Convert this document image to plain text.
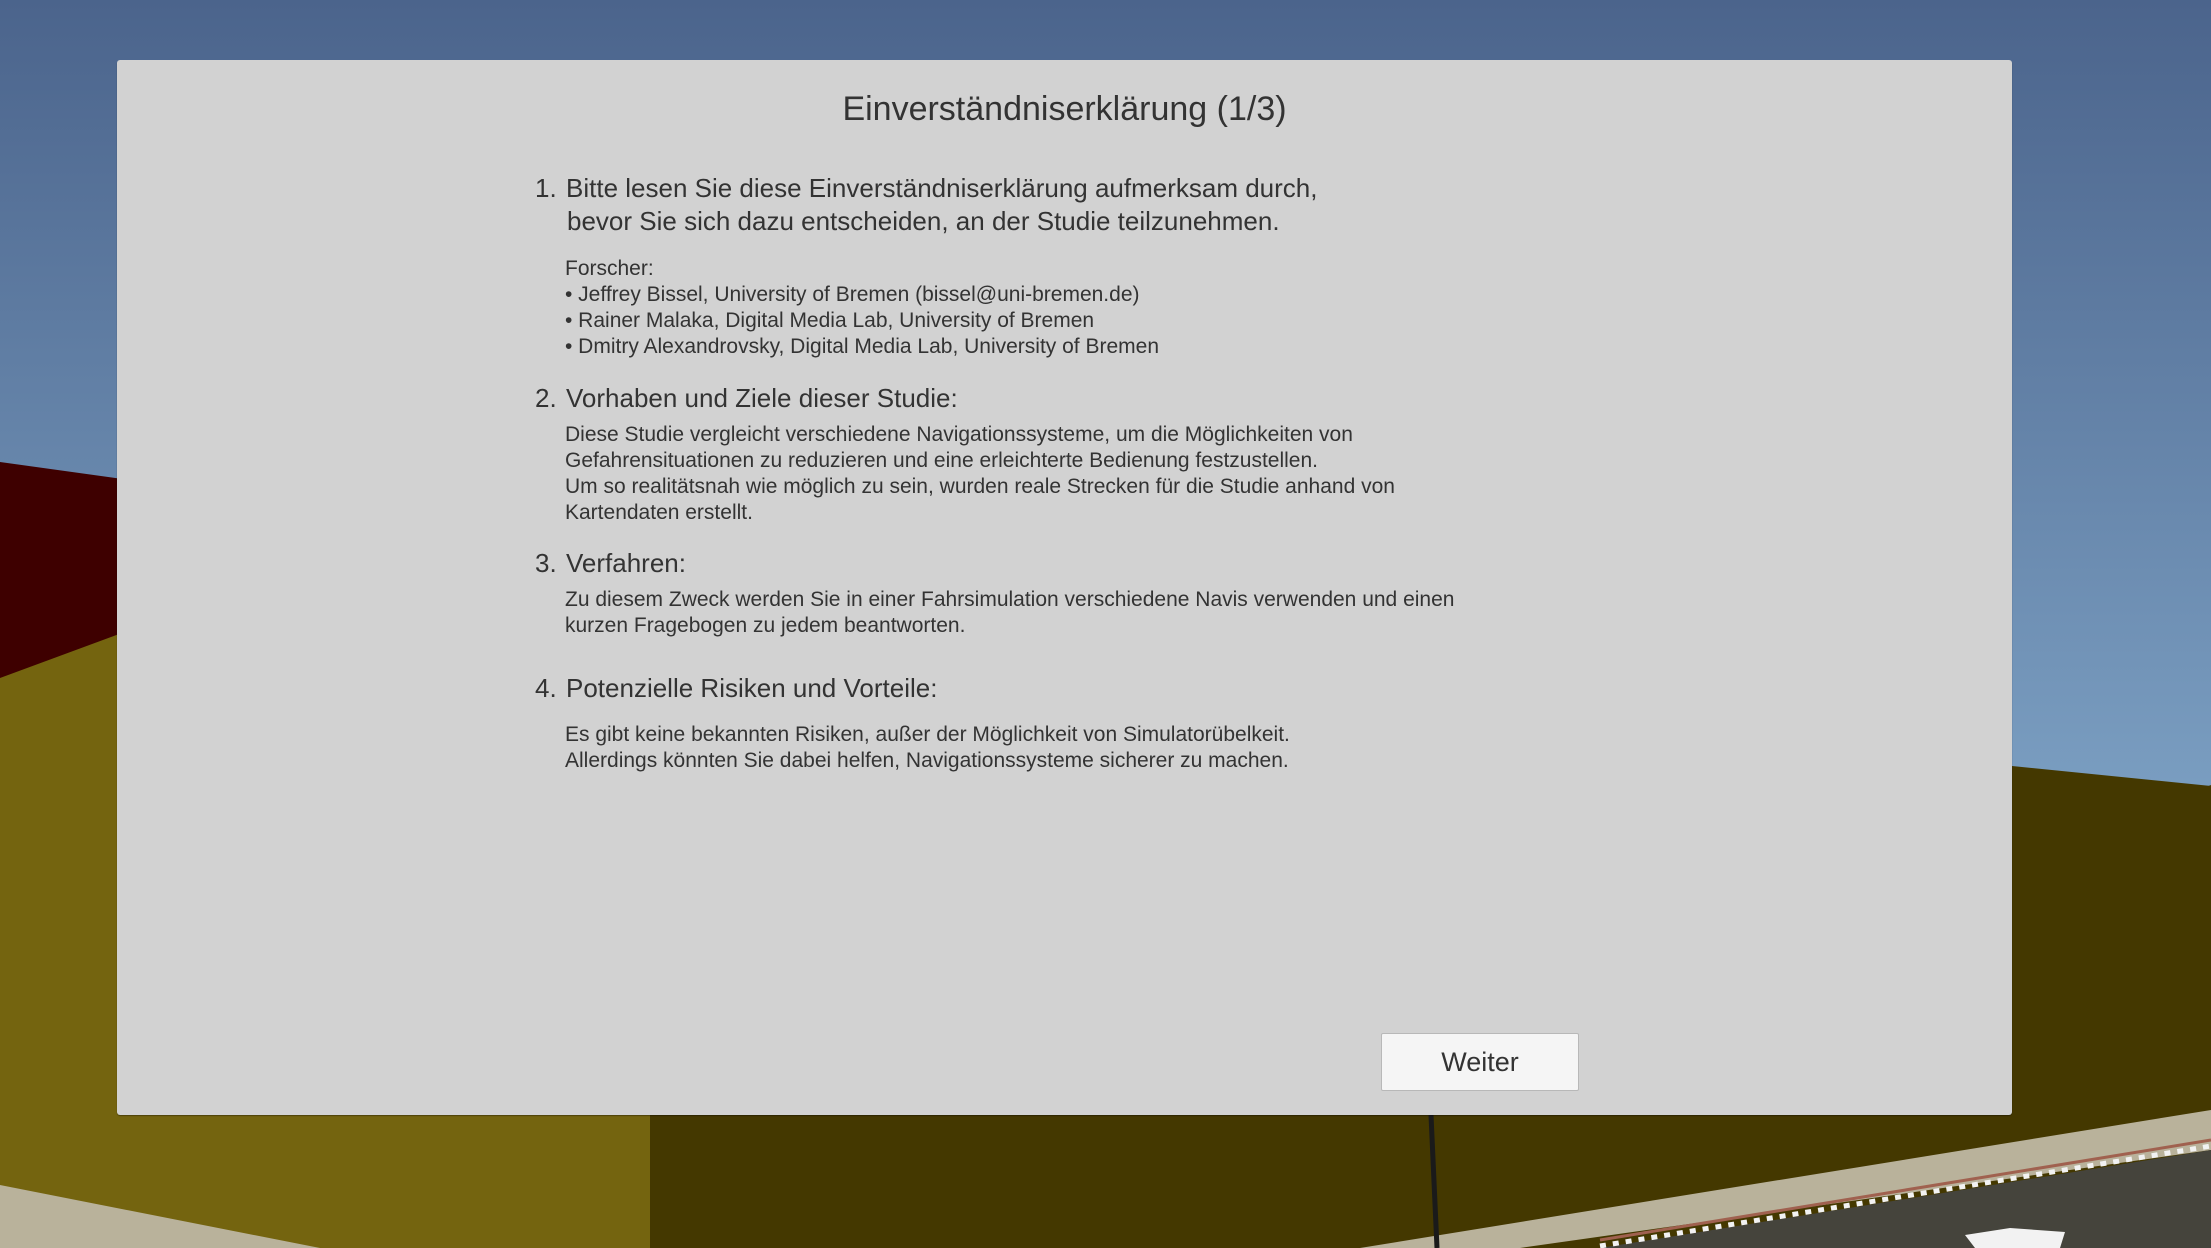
Einverständniserklärung (1/3)
1. Bitte lesen Sie diese Einverständniserklärung aufmerksam durch,
bevor Sie sich dazu entscheiden, an der Studie teilzunehmen.
Forscher:
• Jeffrey Bissel, University of Bremen (bissel@uni-bremen.de)
• Rainer Malaka, Digital Media Lab, University of Bremen
• Dmitry Alexandrovsky, Digital Media Lab, University of Bremen
2. Vorhaben und Ziele dieser Studie:
Diese Studie vergleicht verschiedene Navigationssysteme, um die Möglichkeiten von
Gefahrensituationen zu reduzieren und eine erleichterte Bedienung festzustellen.
Um so realitätsnah wie möglich zu sein, wurden reale Strecken für die Studie anhand von
Kartendaten erstellt.
3. Verfahren:
Zu diesem Zweck werden Sie in einer Fahrsimulation verschiedene Navis verwenden und einen
kurzen Fragebogen zu jedem beantworten.
4. Potenzielle Risiken und Vorteile:
Es gibt keine bekannten Risiken, außer der Möglichkeit von Simulatorübelkeit.
Allerdings könnten Sie dabei helfen, Navigationssysteme sicherer zu machen.
Weiter
